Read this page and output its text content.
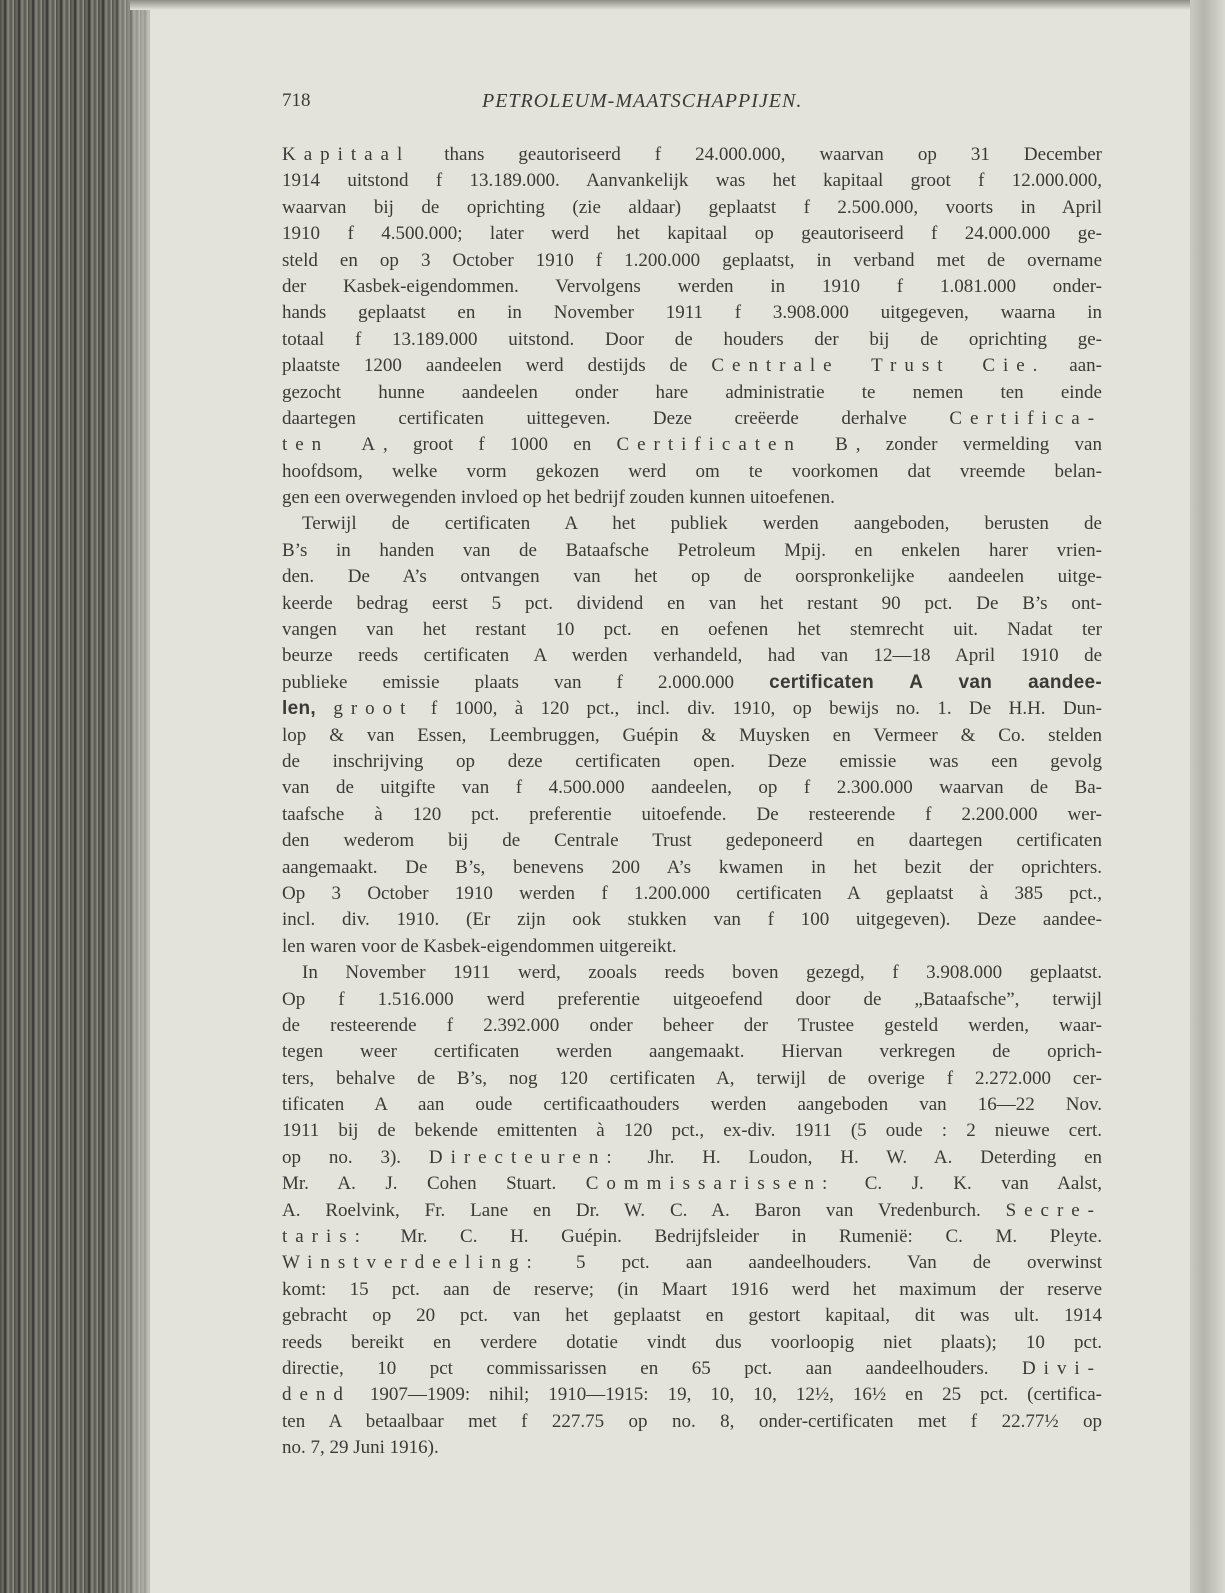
718	PETROLEUM-MAATSCHAPPIJEN.
Kapitaal thans geautoriseerd f 24.000.000, waarvan op 31 December
1914 uitstond f 13.189.000. Aanvankelijk was het kapitaal groot f 12.000.000,
waarvan bij de oprichting (zie aldaar) geplaatst f 2.500.000, voorts in April
1910 f 4.500.000; later werd het kapitaal op geautoriseerd f 24.000.000 ge-
steld en op 3 October 1910 f 1.200.000 geplaatst, in verband met de overname
der Kasbek-eigendommen. Vervolgens werden in 1910 f 1.081.000 onder-
hands geplaatst en in November 1911 f 3.908.000 uitgegeven, waarna in
totaal f 13.189.000 uitstond. Door de houders der bij de oprichting ge-
plaatste 1200 aandeelen werd destijds de Centrale Trust Cie. aan-
gezocht hunne aandeelen onder hare administratie te nemen ten einde
daartegen certificaten uittegeven. Deze creëerde derhalve Certifica-
ten A, groot f 1000 en Certificaten B, zonder vermelding van
hoofdsom, welke vorm gekozen werd om te voorkomen dat vreemde belan-
gen een overwegenden invloed op het bedrijf zouden kunnen uitoefenen.
Terwijl de certificaten A het publiek werden aangeboden, berusten de
B’s in handen van de Bataafsche Petroleum Mpij. en enkelen harer vrien-
den. De A’s ontvangen van het op de oorspronkelijke aandeelen uitge-
keerde bedrag eerst 5 pct. dividend en van het restant 90 pct. De B’s ont-
vangen van het restant 10 pct. en oefenen het stemrecht uit. Nadat ter
beurze reeds certificaten A werden verhandeld, had van 12—18 April 1910 de
publieke emissie plaats van f 2.000.000 certificaten A van aandee-
len, groot f 1000, à 120 pct., incl. div. 1910, op bewijs no. 1. De H.H. Dun-
lop & van Essen, Leembruggen, Guépin & Muysken en Vermeer & Co. stelden
de inschrijving op deze certificaten open. Deze emissie was een gevolg
van de uitgifte van f 4.500.000 aandeelen, op f 2.300.000 waarvan de Ba-
taafsche à 120 pct. preferentie uitoefende. De resteerende f 2.200.000 wer-
den wederom bij de Centrale Trust gedeponeerd en daartegen certificaten
aangemaakt. De B’s, benevens 200 A’s kwamen in het bezit der oprichters.
Op 3 October 1910 werden f 1.200.000 certificaten A geplaatst à 385 pct.,
incl. div. 1910. (Er zijn ook stukken van f 100 uitgegeven). Deze aandee-
len waren voor de Kasbek-eigendommen uitgereikt.
In November 1911 werd, zooals reeds boven gezegd, f 3.908.000 geplaatst.
Op f 1.516.000 werd preferentie uitgeoefend door de „Bataafsche”, terwijl
de resteerende f 2.392.000 onder beheer der Trustee gesteld werden, waar-
tegen weer certificaten werden aangemaakt. Hiervan verkregen de oprich-
ters, behalve de B’s, nog 120 certificaten A, terwijl de overige f 2.272.000 cer-
tificaten A aan oude certificaathouders werden aangeboden van 16—22 Nov.
1911 bij de bekende emittenten à 120 pct., ex-div. 1911 (5 oude : 2 nieuwe cert.
op no. 3). Directeuren: Jhr. H. Loudon, H. W. A. Deterding en
Mr. A. J. Cohen Stuart. Commissarissen: C. J. K. van Aalst,
A. Roelvink, Fr. Lane en Dr. W. C. A. Baron van Vredenburch. Secre-
taris: Mr. C. H. Guépin. Bedrijfsleider in Rumenië: C. M. Pleyte.
Winstverdeeling: 5 pct. aan aandeelhouders. Van de overwinst
komt: 15 pct. aan de reserve; (in Maart 1916 werd het maximum der reserve
gebracht op 20 pct. van het geplaatst en gestort kapitaal, dit was ult. 1914
reeds bereikt en verdere dotatie vindt dus voorloopig niet plaats); 10 pct.
directie, 10 pct commissarissen en 65 pct. aan aandeelhouders. Divi-
dend 1907—1909: nihil; 1910—1915: 19, 10, 10, 12½, 16½ en 25 pct. (certifica-
ten A betaalbaar met f 227.75 op no. 8, onder-certificaten met f 22.77½ op
no. 7, 29 Juni 1916).
